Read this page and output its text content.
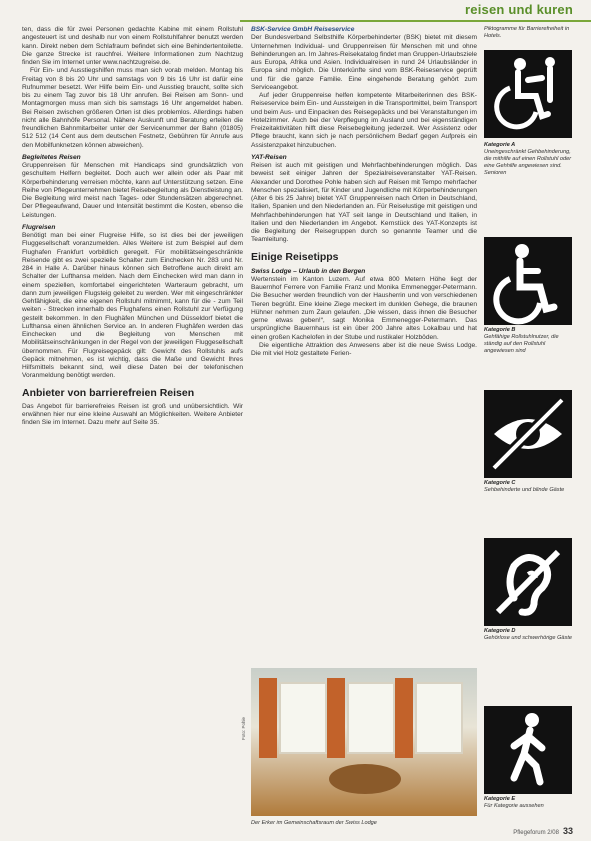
reisen und kuren

ten, dass die für zwei Personen gedachte Kabine mit einem Rollstuhl angesteuert ist und deshalb nur von einem Rollstuhlfahrer benutzt werden kann. Direkt neben dem Schlafraum befindet sich eine Behindertentoilette. Die ganze Strecke ist rauchfrei. Weitere Informationen zum Nachtzug finden Sie im Internet unter www.nachtzugreise.de.

Für Ein- und Ausstiegshilfen muss man sich vorab melden. Montag bis Freitag von 8 bis 20 Uhr und samstags von 9 bis 16 Uhr ist dafür eine Rufnummer besetzt. Wer Hilfe beim Ein- und Ausstieg braucht, sollte sich bis zu einem Tag zuvor bis 18 Uhr anrufen. Bei Reisen am Sonn- und Montagmorgen muss man sich bis samstags 16 Uhr angemeldet haben. Bei Reisen zwischen größeren Orten ist dies problemlos. Allerdings haben nicht alle Bahnhöfe Personal. Nähere Auskunft und Beratung erteilen die freundlichen Bahnmitarbeiter unter der Servicenummer der Bahn (01805) 512 512 (14 Cent aus dem deutschen Festnetz, Gebühren für Anrufe aus den Mobilfunknetzen können abweichen).

Begleitetes Reisen

Gruppenreisen für Menschen mit Handicaps sind grundsätzlich von geschultem Helfern begleitet. Doch auch wer allein oder als Paar mit Körperbehinderung verreisen möchte, kann auf Unterstützung setzen. Eine Reihe von Pflegeunternehmen bietet Reisebegleitung als Dienstleistung an. Die Begleitung wird meist nach Tages- oder Stundensätzen abgerechnet. Der Pflegeaufwand, Dauer und Intensität bestimmt die Kosten, ebenso die Leistungen.

Flugreisen

Benötigt man bei einer Flugreise Hilfe, so ist dies bei der jeweiligen Fluggesellschaft voranzumelden. Alles Weitere ist zum Beispiel auf dem Flughafen Frankfurt vorbildlich geregelt. Für mobilitätseingeschränkte Reisende gibt es zwei spezielle Schalter zum Einchecken Nr. 283 und Nr. 284 in Halle A. Darüber hinaus können sich Betroffene auch direkt am Schalter der Lufthansa melden. Nach dem Einchecken wird man dann in einem speziellen, komfortabel eingerichteten Warteraum gebracht, um dann zum jeweiligen Flugsteig geleitet zu werden. Wer mit eingeschränkter Gehfähigkeit, die eine eigenen Rollstuhl mitnimmt, kann für die - zum Teil weiten - Strecken innerhalb des Flughafens einen Rollstuhl zur Verfügung gestellt bekommen. In den Flughäfen München und Düsseldorf bietet die Lufthansa einen ähnlichen Service an. In anderen Flughäfen werden das Einchecken und die Begleitung von Menschen mit Mobilitätseinschränkungen in der Regel von der jeweiligen Fluggesellschaft übernommen. Für Flugreisegepäck gilt: Gewicht des Rollstuhls aufs Gepäck mitnehmen, es ist wichtig, dass die Maße und Gewicht Ihres Hilfsmittels bekannt sind, weil diese Daten bei der telefonischen Voranmeldung benötigt werden.

Anbieter von barrierefreien Reisen

Das Angebot für barrierefreies Reisen ist groß und unübersichtlich. Wir erwähnen hier nur eine kleine Auswahl an Möglichkeiten. Weitere Anbieter finden Sie im Internet. Dazu mehr auf Seite 35.

BSK-Service GmbH Reiseservice

Der Bundesverband Selbsthilfe Körperbehinderter (BSK) bietet mit diesem Unternehmen Individual- und Gruppenreisen für Menschen mit und ohne Behinderungen an. Im Jahres-Reisekatalog findet man Gruppen-Urlaubsziele aus Europa, Afrika und Asien. Individualreisen in rund 24 Urlaubsländer in Europa sind möglich. Die Unterkünfte sind vom BSK-Reiseservice geprüft und für die ganze Familie. Eine eingehende Beratung gehört zum Serviceangebot.

Auf jeder Gruppenreise helfen kompetente Mitarbeiterinnen des BSK-Reiseservice beim Ein- und Aussteigen in die Transportmittel, beim Transport und beim Aus- und Einpacken des Reisegepäcks und bei Veranstaltungen im Hotelzimmer. Auch bei der Verpflegung im Ausland und bei eigenständigen Freizeitaktivitäten hilft diese Reisebegleitung jederzeit. Wer Assistenz oder Pflege braucht, kann sich je nach persönlichem Bedarf gegen Aufpreis ein Assistenzpaket hinzubuchen.

YAT-Reisen

Reisen ist auch mit geistigen und Mehrfachbehinderungen möglich. Das beweist seit einiger Jahren der Spezialreiseveranstalter YAT-Reisen. Alexander und Dorothee Pohle haben sich auf Reisen mit Tempo mehrfacher Menschen spezialisiert, für Kinder und Jugendliche mit Körperbehinderungen (Alter 6 bis 25 Jahre) bietet YAT Gruppenreisen nach Orten in Deutschland, Italien, Spanien und den Niederlanden an. Für Reiselustige mit geistigen und Mehrfachbehinderungen hat YAT seit lange in Deutschland und Italien, in Italien und den Niederlanden im Angebot. Kernstück des YAT-Konzepts ist die Begleitung der Reisegruppen durch so genannte Teamer und die Teamleitung.

Einige Reisetipps
Swiss Lodge – Urlaub in den Bergen

Wertenstein im Kanton Luzern. Auf etwa 800 Metern Höhe liegt der Bauernhof Ferrere von Familie Franz und Monika Emmenegger-Petermann. Die Besucher werden freundlich von der Hausherrin und von verschiedenen Tieren begrüßt. Eine kleine Ziege meckert im dunklen Gehege, die braunen Hühner nehmen zum Zaun gelaufen. „Die wissen, dass ihnen die Besucher gerne etwas geben!“, sagt Monika Emmenegger-Petermann. Das ursprüngliche Bauernhaus ist ein über 200 Jahre altes Lokalbau und hat einen großen Kachelofen in der Stube und rustikaler Holzböden.

Die eigentliche Attraktion des Anwesens aber ist die neue Swiss Lodge. Die mit viel Holz gestaltete Ferien-

Foto: Pohle
Der Erker im Gemeinschaftsraum der Swiss Lodge
Piktogramme für Barrierefreiheit in Hotels.
Kategorie A
Uneingeschränkt Gehbehinderung, die mithilfe auf einen Rollstuhl oder eine Gehhilfe angewiesen sind. Senioren
Kategorie B
Gehfähige Rollstuhlnutzer, die ständig auf den Rollstuhl angewiesen sind
Kategorie C
Sehbehinderte und blinde Gäste
Kategorie D
Gehörlose und schwerhörige Gäste
Kategorie E
Für Kategorie aussehen
Pflegeforum 2/08 33
